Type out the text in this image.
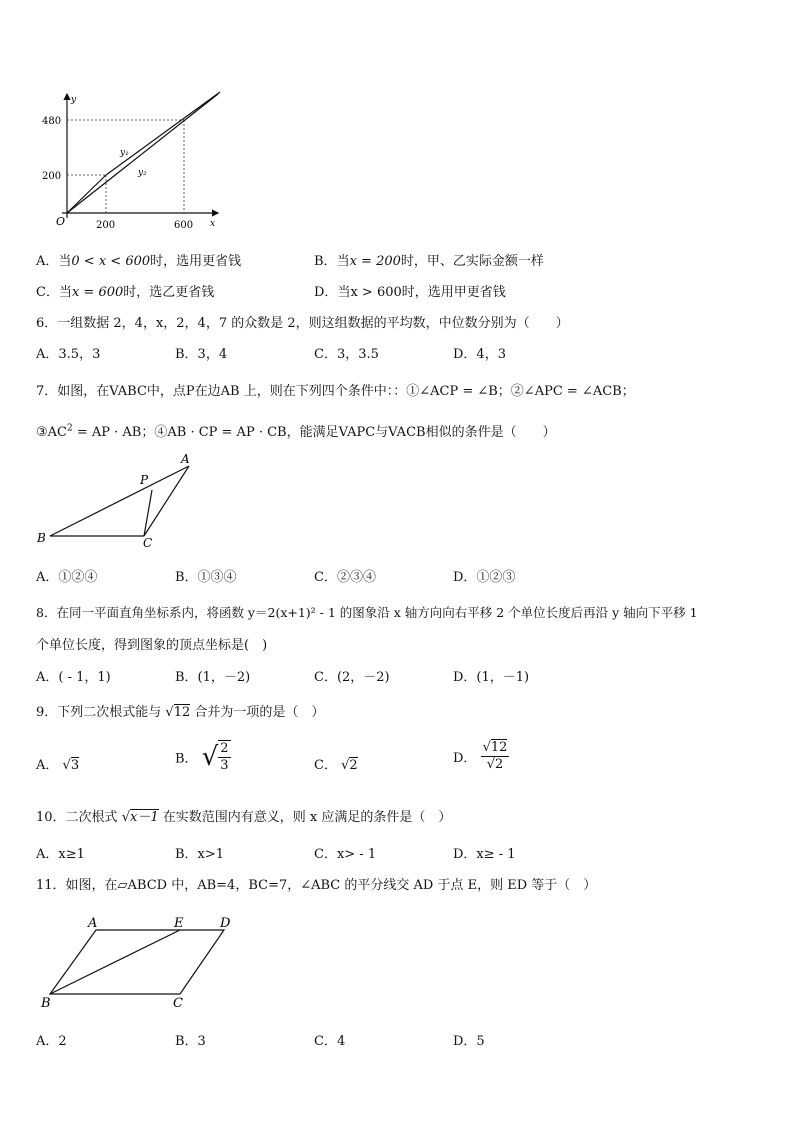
y
x
O
480
200
200	600
y₁
y₂
A．当0 < x < 600时，选用更省钱	B．当x = 200时，甲、乙实际金额一样
C．当x = 600时，选乙更省钱	D．当x > 600时，选用甲更省钱
6．一组数据 2，4，x，2，4，7 的众数是 2，则这组数据的平均数，中位数分别为（　　）
A．3.5，3	B．3，4	C．3，3.5	D．4，3
7．如图，在VABC中，点P在边AB 上，则在下列四个条件中：：①∠ACP = ∠B；②∠APC = ∠ACB；
$③AC^2$ = AP · AB；④AB · CP = AP · CB，能满足VAPC与VACB相似的条件是（　　）
A
B	C
P
A．①②④	B．①③④	C．②③④	D．①②③
8．在同一平面直角坐标系内，将函数 y＝2(x+1)² - 1 的图象沿 x 轴方向向右平移 2 个单位长度后再沿 y 轴向下平移 1
个单位长度，得到图象的顶点坐标是(　)
A．( - 1，1)	B．(1，－2)	C．(2，－2)	D．(1，－1)
9．下列二次根式能与 √12 合并为一项的是（　）
A． √3	B． √ $\frac{2}{3}$	C． √2	D． $\frac{√12}{√2}$
10．二次根式 √x－1 在实数范围内有意义，则 x 应满足的条件是（　）
A．x≥1	B．x>1	C．x> - 1	D．x≥ - 1
11．如图，在▱ABCD 中，AB=4，BC=7，∠ABC 的平分线交 AD 于点 E，则 ED 等于（　）
A	E	D
B	C
A．2	B．3	C．4	D．5
